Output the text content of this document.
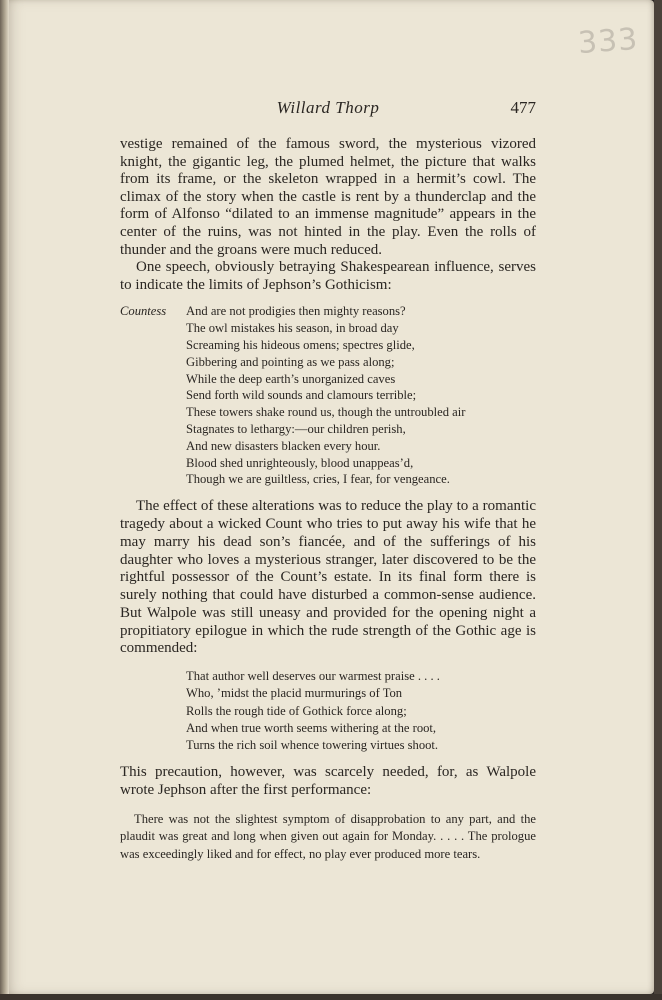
333
Willard Thorp	477

vestige remained of the famous sword, the mysterious vizored knight, the gigantic leg, the plumed helmet, the picture that walks from its frame, or the skeleton wrapped in a hermit’s cowl. The climax of the story when the castle is rent by a thunderclap and the form of Alfonso “dilated to an immense magnitude” appears in the center of the ruins, was not hinted in the play. Even the rolls of thunder and the groans were much reduced.

One speech, obviously betraying Shakespearean influence, serves to indicate the limits of Jephson’s Gothicism:

Countess And are not prodigies then mighty reasons?
The owl mistakes his season, in broad day
Screaming his hideous omens; spectres glide,
Gibbering and pointing as we pass along;
While the deep earth’s unorganized caves
Send forth wild sounds and clamours terrible;
These towers shake round us, though the untroubled air
Stagnates to lethargy:—our children perish,
And new disasters blacken every hour.
Blood shed unrighteously, blood unappeas’d,
Though we are guiltless, cries, I fear, for vengeance.

The effect of these alterations was to reduce the play to a romantic tragedy about a wicked Count who tries to put away his wife that he may marry his dead son’s fiancée, and of the sufferings of his daughter who loves a mysterious stranger, later discovered to be the rightful possessor of the Count’s estate. In its final form there is surely nothing that could have disturbed a common-sense audience. But Walpole was still uneasy and provided for the opening night a propitiatory epilogue in which the rude strength of the Gothic age is commended:

That author well deserves our warmest praise . . . .
Who, ’midst the placid murmurings of Ton
Rolls the rough tide of Gothick force along;
And when true worth seems withering at the root,
Turns the rich soil whence towering virtues shoot.

This precaution, however, was scarcely needed, for, as Walpole wrote Jephson after the first performance:

There was not the slightest symptom of disapprobation to any part, and the plaudit was great and long when given out again for Monday. . . . . The prologue was exceedingly liked and for effect, no play ever produced more tears.
